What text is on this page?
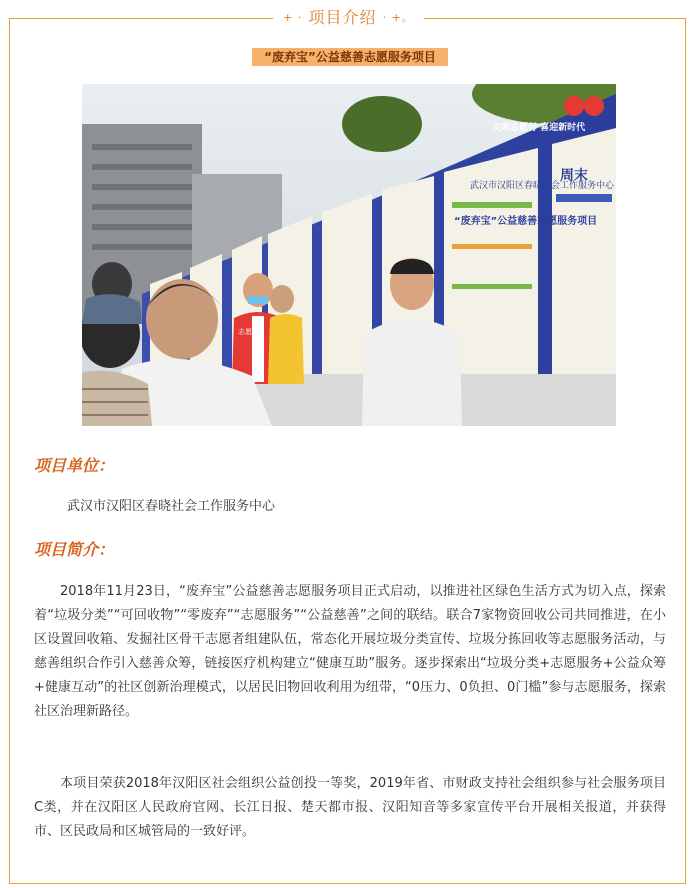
+ · 项目介绍 · +。
“废弃宝”公益慈善志愿服务项目
武汉市汉阳区春晓社会工作服务中心
“废弃宝”公益慈善志愿服务项目
周末
文明志愿行 喜迎新时代
志愿者
项目单位：
武汉市汉阳区春晓社会工作服务中心
项目简介：

2018年11月23日，“废弃宝”公益慈善志愿服务项目正式启动，以推进社区绿色生活方式为切入点，探索着“垃圾分类”“可回收物”“零废弃”“志愿服务”“公益慈善”之间的联结。联合7家物资回收公司共同推进，在小区设置回收箱、发掘社区骨干志愿者组建队伍，常态化开展垃圾分类宣传、垃圾分拣回收等志愿服务活动，与慈善组织合作引入慈善众筹，链接医疗机构建立“健康互助”服务。逐步探索出“垃圾分类+志愿服务+公益众筹+健康互动”的社区创新治理模式，以居民旧物回收利用为纽带，“0压力、0负担、0门槛”参与志愿服务，探索社区治理新路径。

本项目荣获2018年汉阳区社会组织公益创投一等奖，2019年省、市财政支持社会组织参与社会服务项目C类，并在汉阳区人民政府官网、长江日报、楚天都市报、汉阳知音等多家宣传平台开展相关报道，并获得市、区民政局和区城管局的一致好评。
